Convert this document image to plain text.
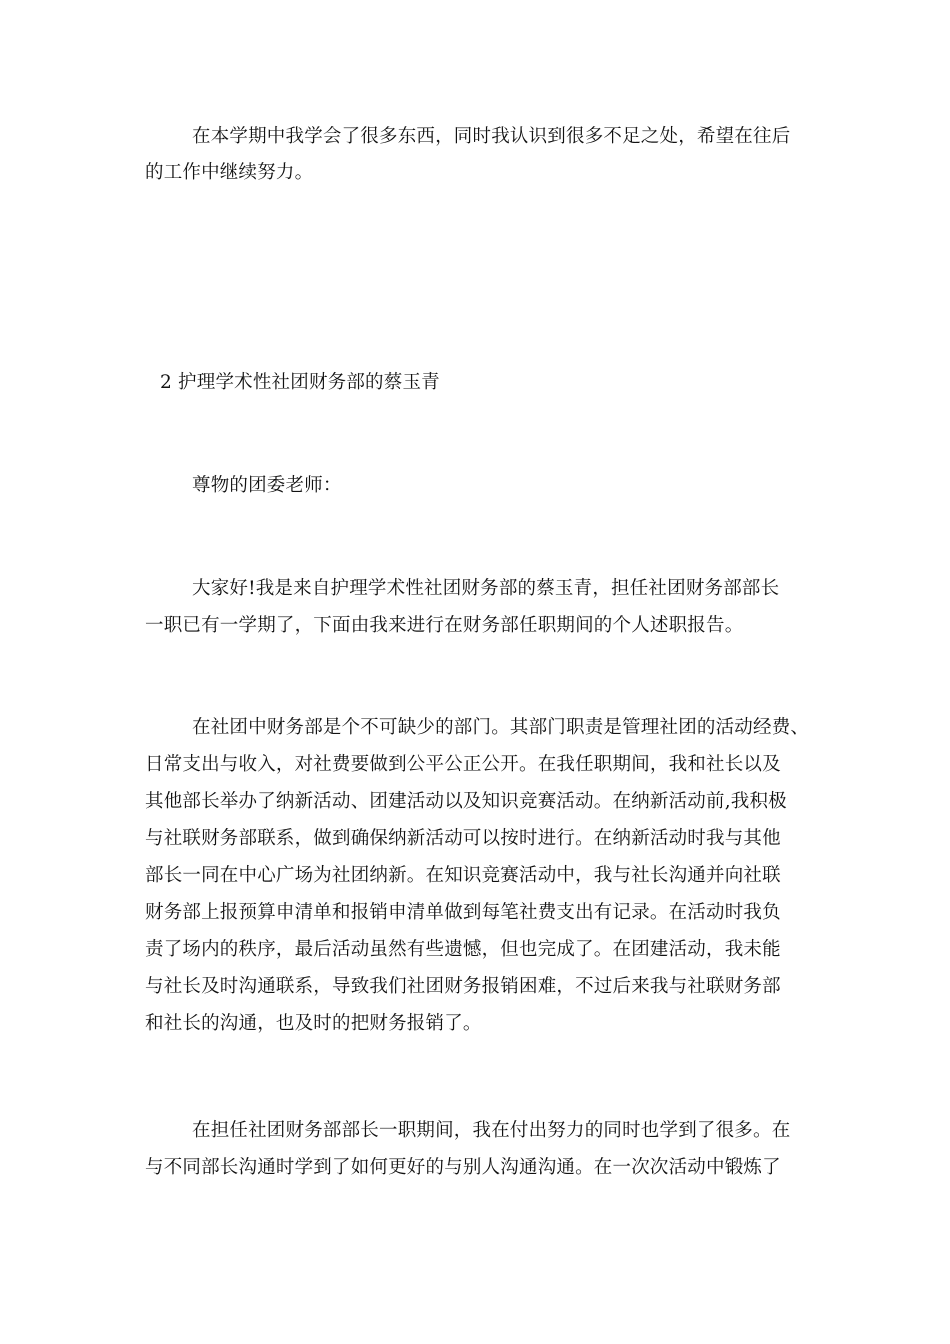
在本学期中我学会了很多东西，同时我认识到很多不足之处，希望在往后
的工作中继续努力。
2 护理学术性社团财务部的蔡玉青
尊物的团委老师：
大家好!我是来自护理学术性社团财务部的蔡玉青，担任社团财务部部长
一职已有一学期了，下面由我来进行在财务部任职期间的个人述职报告。
在社团中财务部是个不可缺少的部门。其部门职责是管理社团的活动经费、
日常支出与收入，对社费要做到公平公正公开。在我任职期间，我和社长以及
其他部长举办了纳新活动、团建活动以及知识竞赛活动。在纳新活动前,我积极
与社联财务部联系，做到确保纳新活动可以按时进行。在纳新活动时我与其他
部长一同在中心广场为社团纳新。在知识竞赛活动中，我与社长沟通并向社联
财务部上报预算申清单和报销申清单做到每笔社费支出有记录。在活动时我负
责了场内的秩序，最后活动虽然有些遗憾，但也完成了。在团建活动，我未能
与社长及时沟通联系，导致我们社团财务报销困难，不过后来我与社联财务部
和社长的沟通，也及时的把财务报销了。
在担任社团财务部部长一职期间，我在付出努力的同时也学到了很多。在
与不同部长沟通时学到了如何更好的与别人沟通沟通。在一次次活动中锻炼了
